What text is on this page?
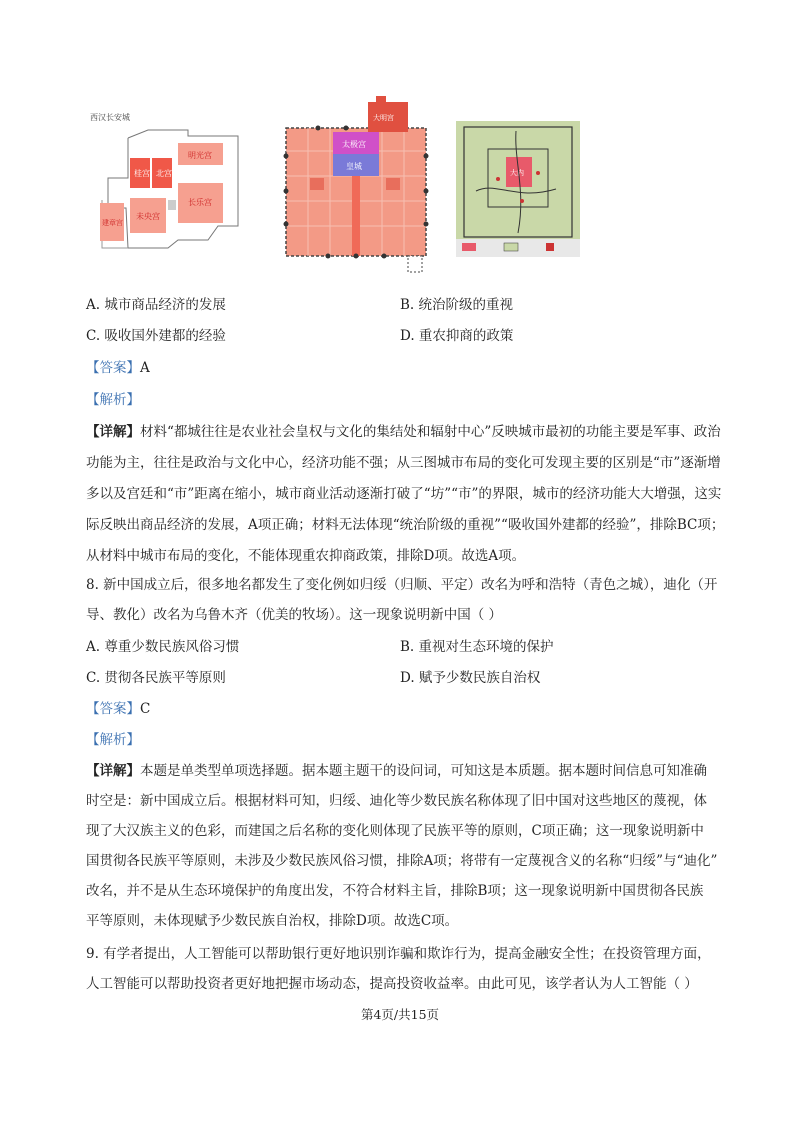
西汉长安城
桂宫 北宫
明光宫
长乐宫
未央宫
建章宫
太极宫
皇城
大明宫
大内
A. 城市商品经济的发展	B. 统治阶级的重视
C. 吸收国外建都的经验	D. 重农抑商的政策
【答案】A
【解析】
【详解】材料“都城往往是农业社会皇权与文化的集结处和辐射中心”反映城市最初的功能主要是军事、政治
功能为主，往往是政治与文化中心，经济功能不强；从三图城市布局的变化可发现主要的区别是“市”逐渐增
多以及宫廷和“市”距离在缩小，城市商业活动逐渐打破了“坊”“市”的界限，城市的经济功能大大增强，这实
际反映出商品经济的发展，A项正确；材料无法体现“统治阶级的重视”“吸收国外建都的经验”，排除BC项；
从材料中城市布局的变化，不能体现重农抑商政策，排除D项。故选A项。
8. 新中国成立后，很多地名都发生了变化例如归绥（归顺、平定）改名为呼和浩特（青色之城），迪化（开
导、教化）改名为乌鲁木齐（优美的牧场）。这一现象说明新中国（ ）
A. 尊重少数民族风俗习惯	B. 重视对生态环境的保护
C. 贯彻各民族平等原则	D. 赋予少数民族自治权
【答案】C
【解析】
【详解】本题是单类型单项选择题。据本题主题干的设问词，可知这是本质题。据本题时间信息可知准确
时空是：新中国成立后。根据材料可知，归绥、迪化等少数民族名称体现了旧中国对这些地区的蔑视，体
现了大汉族主义的色彩，而建国之后名称的变化则体现了民族平等的原则，C项正确；这一现象说明新中
国贯彻各民族平等原则，未涉及少数民族风俗习惯，排除A项；将带有一定蔑视含义的名称“归绥”与“迪化”
改名，并不是从生态环境保护的角度出发，不符合材料主旨，排除B项；这一现象说明新中国贯彻各民族
平等原则，未体现赋予少数民族自治权，排除D项。故选C项。
9. 有学者提出，人工智能可以帮助银行更好地识别诈骗和欺诈行为，提高金融安全性；在投资管理方面，
人工智能可以帮助投资者更好地把握市场动态，提高投资收益率。由此可见，该学者认为人工智能（ ）
第4页/共15页
